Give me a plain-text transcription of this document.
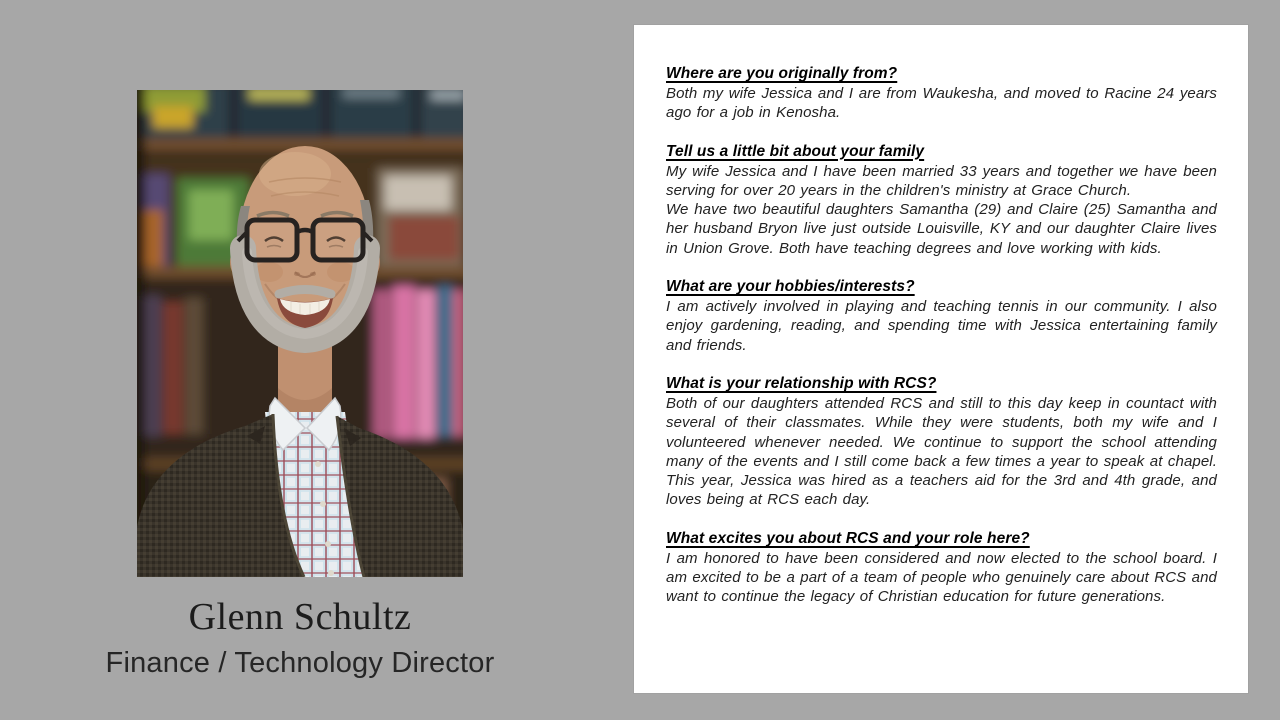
Glenn Schultz
Finance / Technology Director
Where are you originally from?

Both my wife Jessica and I are from Waukesha, and moved to Racine 24 years ago for a job in Kenosha.

Tell us a little bit about your family

My wife Jessica and I have been married 33 years and together we have been serving for over 20 years in the children's ministry at Grace Church.

We have two beautiful daughters Samantha (29) and Claire (25) Samantha and her husband Bryon live just outside Louisville, KY and our daughter Claire lives in Union Grove. Both have teaching degrees and love working with kids.

What are your hobbies/interests?

I am actively involved in playing and teaching tennis in our community. I also enjoy gardening, reading, and spending time with Jessica entertaining family and friends.

What is your relationship with RCS?

Both of our daughters attended RCS and still to this day keep in countact with several of their classmates. While they were students, both my wife and I volunteered whenever needed. We continue to support the school attending many of the events and I still come back a few times a year to speak at chapel. This year, Jessica was hired as a teachers aid for the 3rd and 4th grade, and loves being at RCS each day.

What excites you about RCS and your role here?

I am honored to have been considered and now elected to the school board. I am excited to be a part of a team of people who genuinely care about RCS and want to continue the legacy of Christian education for future generations.
